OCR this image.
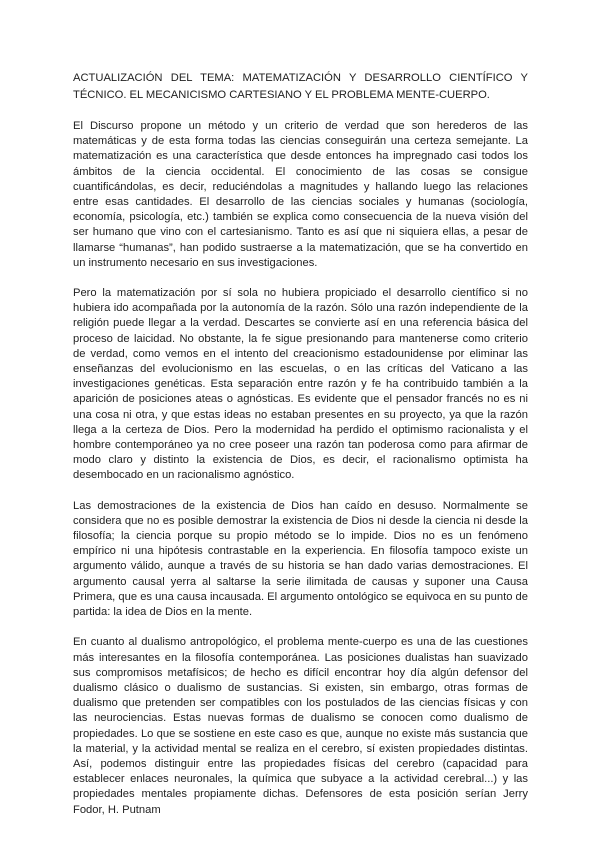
ACTUALIZACIÓN DEL TEMA: MATEMATIZACIÓN Y DESARROLLO CIENTÍFICO Y TÉCNICO. EL MECANICISMO CARTESIANO Y EL PROBLEMA MENTE-CUERPO.

El Discurso propone un método y un criterio de verdad que son herederos de las matemáticas y de esta forma todas las ciencias conseguirán una certeza semejante. La matematización es una característica que desde entonces ha impregnado casi todos los ámbitos de la ciencia occidental. El conocimiento de las cosas se consigue cuantificándolas, es decir, reduciéndolas a magnitudes y hallando luego las relaciones entre esas cantidades. El desarrollo de las ciencias sociales y humanas (sociología, economía, psicología, etc.) también se explica como consecuencia de la nueva visión del ser humano que vino con el cartesianismo. Tanto es así que ni siquiera ellas, a pesar de llamarse “humanas”, han podido sustraerse a la matematización, que se ha convertido en un instrumento necesario en sus investigaciones.

Pero la matematización por sí sola no hubiera propiciado el desarrollo científico si no hubiera ido acompañada por la autonomía de la razón. Sólo una razón independiente de la religión puede llegar a la verdad. Descartes se convierte así en una referencia básica del proceso de laicidad. No obstante, la fe sigue presionando para mantenerse como criterio de verdad, como vemos en el intento del creacionismo estadounidense por eliminar las enseñanzas del evolucionismo en las escuelas, o en las críticas del Vaticano a las investigaciones genéticas. Esta separación entre razón y fe ha contribuido también a la aparición de posiciones ateas o agnósticas. Es evidente que el pensador francés no es ni una cosa ni otra, y que estas ideas no estaban presentes en su proyecto, ya que la razón llega a la certeza de Dios. Pero la modernidad ha perdido el optimismo racionalista y el hombre contemporáneo ya no cree poseer una razón tan poderosa como para afirmar de modo claro y distinto la existencia de Dios, es decir, el racionalismo optimista ha desembocado en un racionalismo agnóstico.

Las demostraciones de la existencia de Dios han caído en desuso. Normalmente se considera que no es posible demostrar la existencia de Dios ni desde la ciencia ni desde la filosofía; la ciencia porque su propio método se lo impide. Dios no es un fenómeno empírico ni una hipótesis contrastable en la experiencia. En filosofía tampoco existe un argumento válido, aunque a través de su historia se han dado varias demostraciones. El argumento causal yerra al saltarse la serie ilimitada de causas y suponer una Causa Primera, que es una causa incausada. El argumento ontológico se equivoca en su punto de partida: la idea de Dios en la mente.

En cuanto al dualismo antropológico, el problema mente-cuerpo es una de las cuestiones más interesantes en la filosofía contemporánea. Las posiciones dualistas han suavizado sus compromisos metafísicos; de hecho es difícil encontrar hoy día algún defensor del dualismo clásico o dualismo de sustancias. Si existen, sin embargo, otras formas de dualismo que pretenden ser compatibles con los postulados de las ciencias físicas y con las neurociencias. Estas nuevas formas de dualismo se conocen como dualismo de propiedades. Lo que se sostiene en este caso es que, aunque no existe más sustancia que la material, y la actividad mental se realiza en el cerebro, sí existen propiedades distintas. Así, podemos distinguir entre las propiedades físicas del cerebro (capacidad para establecer enlaces neuronales, la química que subyace a la actividad cerebral...) y las propiedades mentales propiamente dichas. Defensores de esta posición serían Jerry Fodor, H. Putnam
